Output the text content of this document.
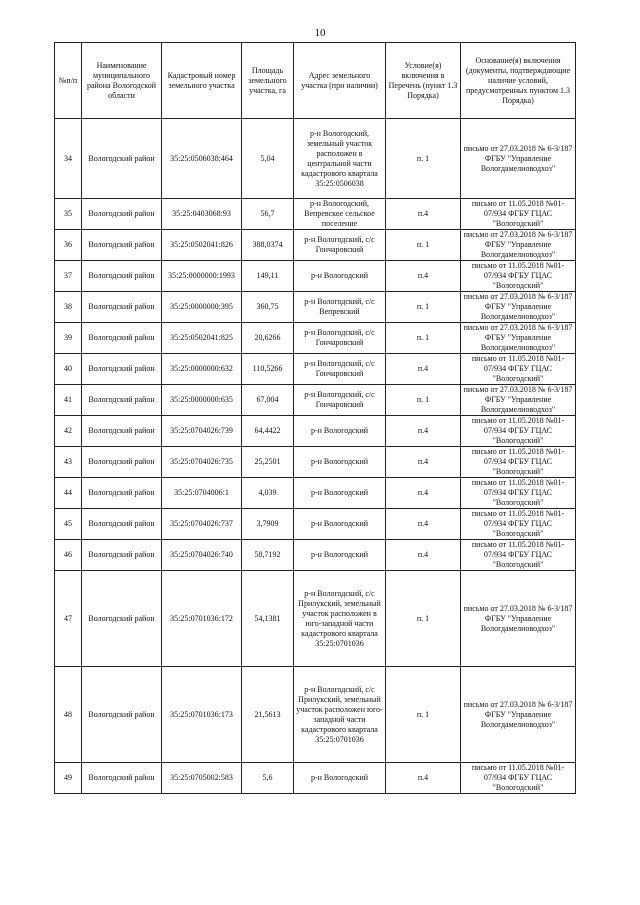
10
№п/п	Наименование муниципального района Вологодской области	Кадастровый номер земельного участка	Площадь земельного участка, га	Адрес земельного участка (при наличии)	Условие(я) включения в Перечень (пункт 1.3 Порядка)	Основание(я) включения (документы, подтверждающие наличие условий, предусмотренных пунктом 1.3 Порядка)
34	Вологодский район	35:25:0506038:464	5,04	р-н Вологодский, земельный участок расположен в центральной части кадастрового квартала 35:25:0506038	п. 1	письмо от 27.03.2018 № 6-3/187 ФГБУ "Управление Вологдамелиоводхоз"
35	Вологодский район	35:25:0403068:93	56,7	р-н Вологодский, Вепревское сельское поселение	п.4	письмо от 11.05.2018 №01-07/934 ФГБУ ГЦАС "Вологодский"
36	Вологодский район	35:25:0502041:826	388,0374	р-н Вологодский, с/с Гончаровский	п. 1	письмо от 27.03.2018 № 6-3/187 ФГБУ "Управление Вологдамелиоводхоз"
37	Вологодский район	35:25:0000000:1993	149,11	р-н Вологодский	п.4	письмо от 11.05.2018 №01-07/934 ФГБУ ГЦАС "Вологодский"
38	Вологодский район	35:25:0000000:395	360,75	р-н Вологодский, с/с Вепревский	п. 1	письмо от 27.03.2018 № 6-3/187 ФГБУ "Управление Вологдамелиоводхоз"
39	Вологодский район	35:25:0502041:825	20,6266	р-н Вологодский, с/с Гончаровский	п. 1	письмо от 27.03.2018 № 6-3/187 ФГБУ "Управление Вологдамелиоводхоз"
40	Вологодский район	35:25:0000000:632	110,5266	р-н Вологодский, с/с Гончаровский	п.4	письмо от 11.05.2018 №01-07/934 ФГБУ ГЦАС "Вологодский"
41	Вологодский район	35:25:0000000:635	67,004	р-н Вологодский, с/с Гончаровский	п. 1	письмо от 27.03.2018 № 6-3/187 ФГБУ "Управление Вологдамелиоводхоз"
42	Вологодский район	35:25:0704026:739	64,4422	р-н Вологодский	п.4	письмо от 11.05.2018 №01-07/934 ФГБУ ГЦАС "Вологодский"
43	Вологодский район	35:25:0704026:735	25,2501	р-н Вологодский	п.4	письмо от 11.05.2018 №01-07/934 ФГБУ ГЦАС "Вологодский"
44	Вологодский район	35:25:0704006:1	4,039	р-н Вологодский	п.4	письмо от 11.05.2018 №01-07/934 ФГБУ ГЦАС "Вологодский"
45	Вологодский район	35:25:0704026:737	3,7909	р-н Вологодский	п.4	письмо от 11.05.2018 №01-07/934 ФГБУ ГЦАС "Вологодский"
46	Вологодский район	35:25:0704026:740	58,7192	р-н Вологодский	п.4	письмо от 11.05.2018 №01-07/934 ФГБУ ГЦАС "Вологодский"
47	Вологодский район	35:25:0701036:172	54,1381	р-н Вологодский, с/с Прилукский, земельный участок расположен в юго-западной части кадастрового квартала 35:25:0701036	п. 1	письмо от 27.03.2018 № 6-3/187 ФГБУ "Управление Вологдамелиоводхоз"
48	Вологодский район	35:25:0701036:173	21,5613	р-н Вологодский, с/с Прилукский, земельный участок расположен юго-западной части кадастрового квартала 35:25:0701036	п. 1	письмо от 27.03.2018 № 6-3/187 ФГБУ "Управление Вологдамелиоводхоз"
49	Вологодский район	35:25:0705002:583	5,6	р-н Вологодский	п.4	письмо от 11.05.2018 №01-07/934 ФГБУ ГЦАС "Вологодский"
